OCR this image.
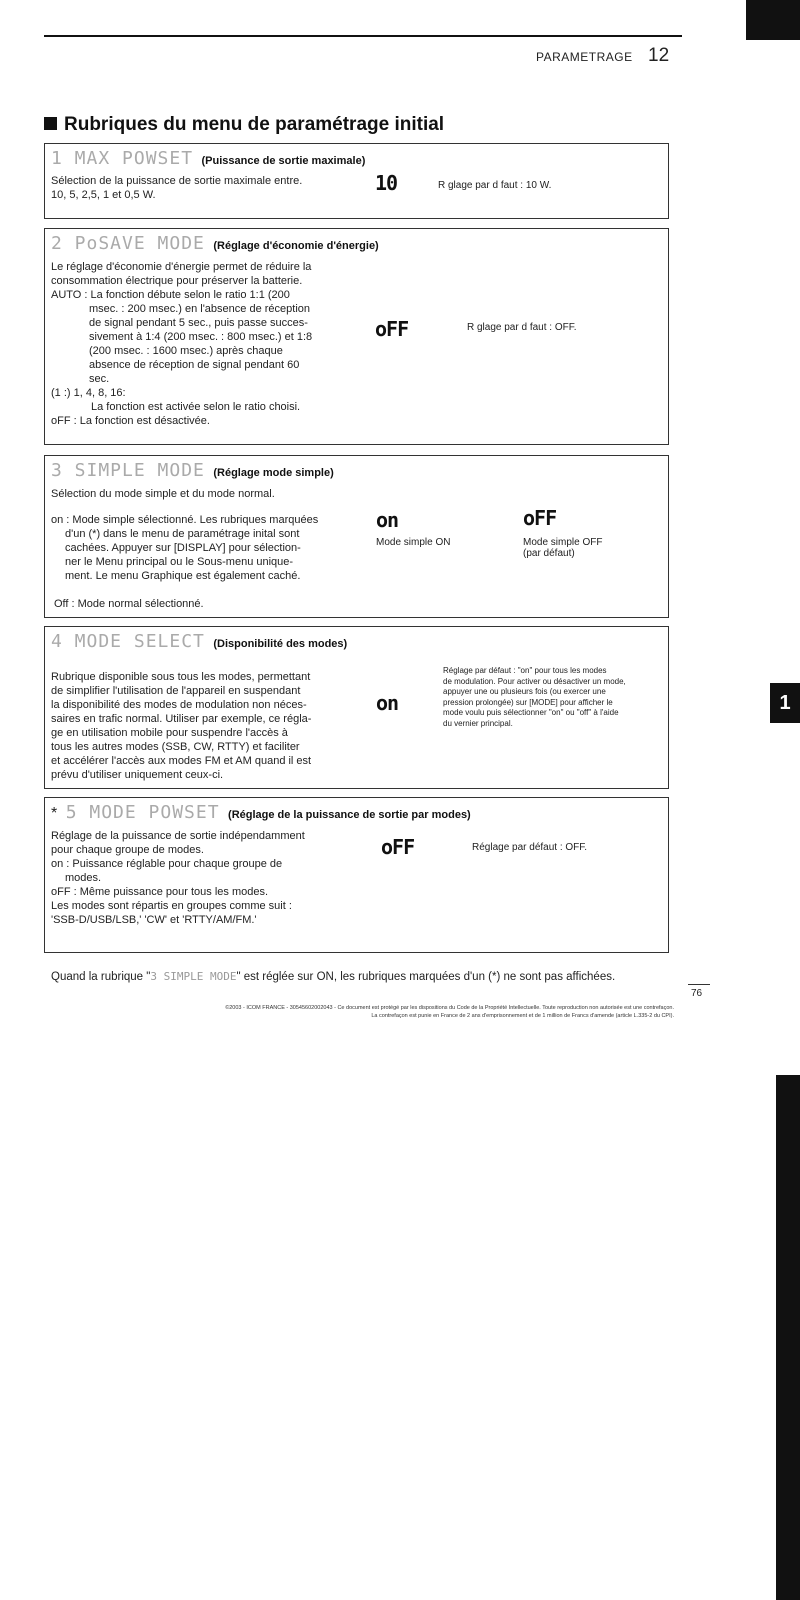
PARAMETRAGE 12
Rubriques du menu de paramétrage initial
1 MAX POWSET (Puissance de sortie maximale)
Sélection de la puissance de sortie maximale entre.
10, 5, 2,5, 1 et 0,5 W.	10	R glage par d faut : 10 W.
2 PoSAVE MODE (Réglage d'économie d'énergie)
Le réglage d'économie d'énergie permet de réduire la
consommation électrique pour préserver la batterie.
AUTO : La fonction débute selon le ratio 1:1 (200
msec. : 200 msec.) en l'absence de réception
de signal pendant 5 sec., puis passe succes-
sivement à 1:4 (200 msec. : 800 msec.) et 1:8
(200 msec. : 1600 msec.) après chaque
absence de réception de signal pendant 60
sec.
(1 :) 1, 4, 8, 16:
La fonction est activée selon le ratio choisi.
oFF : La fonction est désactivée.
oFF	R glage par d faut : OFF.
3 SIMPLE MODE (Réglage mode simple)
Sélection du mode simple et du mode normal.
on : Mode simple sélectionné. Les rubriques marquées
d'un (*) dans le menu de paramétrage inital sont
cachées. Appuyer sur [DISPLAY] pour sélection-
ner le Menu principal ou le Sous-menu unique-
ment. Le menu Graphique est également caché.
Off : Mode normal sélectionné.
on
Mode simple ON
oFF
Mode simple OFF
(par défaut)
4 MODE SELECT (Disponibilité des modes)
Rubrique disponible sous tous les modes, permettant
de simplifier l'utilisation de l'appareil en suspendant
la disponibilité des modes de modulation non néces-
saires en trafic normal. Utiliser par exemple, ce régla-
ge en utilisation mobile pour suspendre l'accès à
tous les autres modes (SSB, CW, RTTY) et faciliter
et accélérer l'accès aux modes FM et AM quand il est
prévu d'utiliser uniquement ceux-ci.
on
Réglage par défaut : "on" pour tous les modes
de modulation. Pour activer ou désactiver un mode,
appuyer une ou plusieurs fois (ou exercer une
pression prolongée) sur [MODE] pour afficher le
mode voulu puis sélectionner "on" ou "off" à l'aide
du vernier principal.
* 5 MODE POWSET (Réglage de la puissance de sortie par modes)
Réglage de la puissance de sortie indépendamment
pour chaque groupe de modes.
on : Puissance réglable pour chaque groupe de
modes.
oFF : Même puissance pour tous les modes.
Les modes sont répartis en groupes comme suit :
'SSB-D/USB/LSB,' 'CW' et 'RTTY/AM/FM.'
oFF	Réglage par défaut : OFF.
Quand la rubrique "3 SIMPLE MODE" est réglée sur ON, les rubriques marquées d'un (*) ne sont pas affichées.
76
©2003 - ICOM FRANCE - 30545602002043 - Ce document est protégé par les dispositions du Code de la Propriété Intellectuelle. Toute reproduction non autorisée est une contrefaçon.
La contrefaçon est punie en France de 2 ans d'emprisonnement et de 1 million de Francs d'amende (article L.335-2 du CPI).
1
